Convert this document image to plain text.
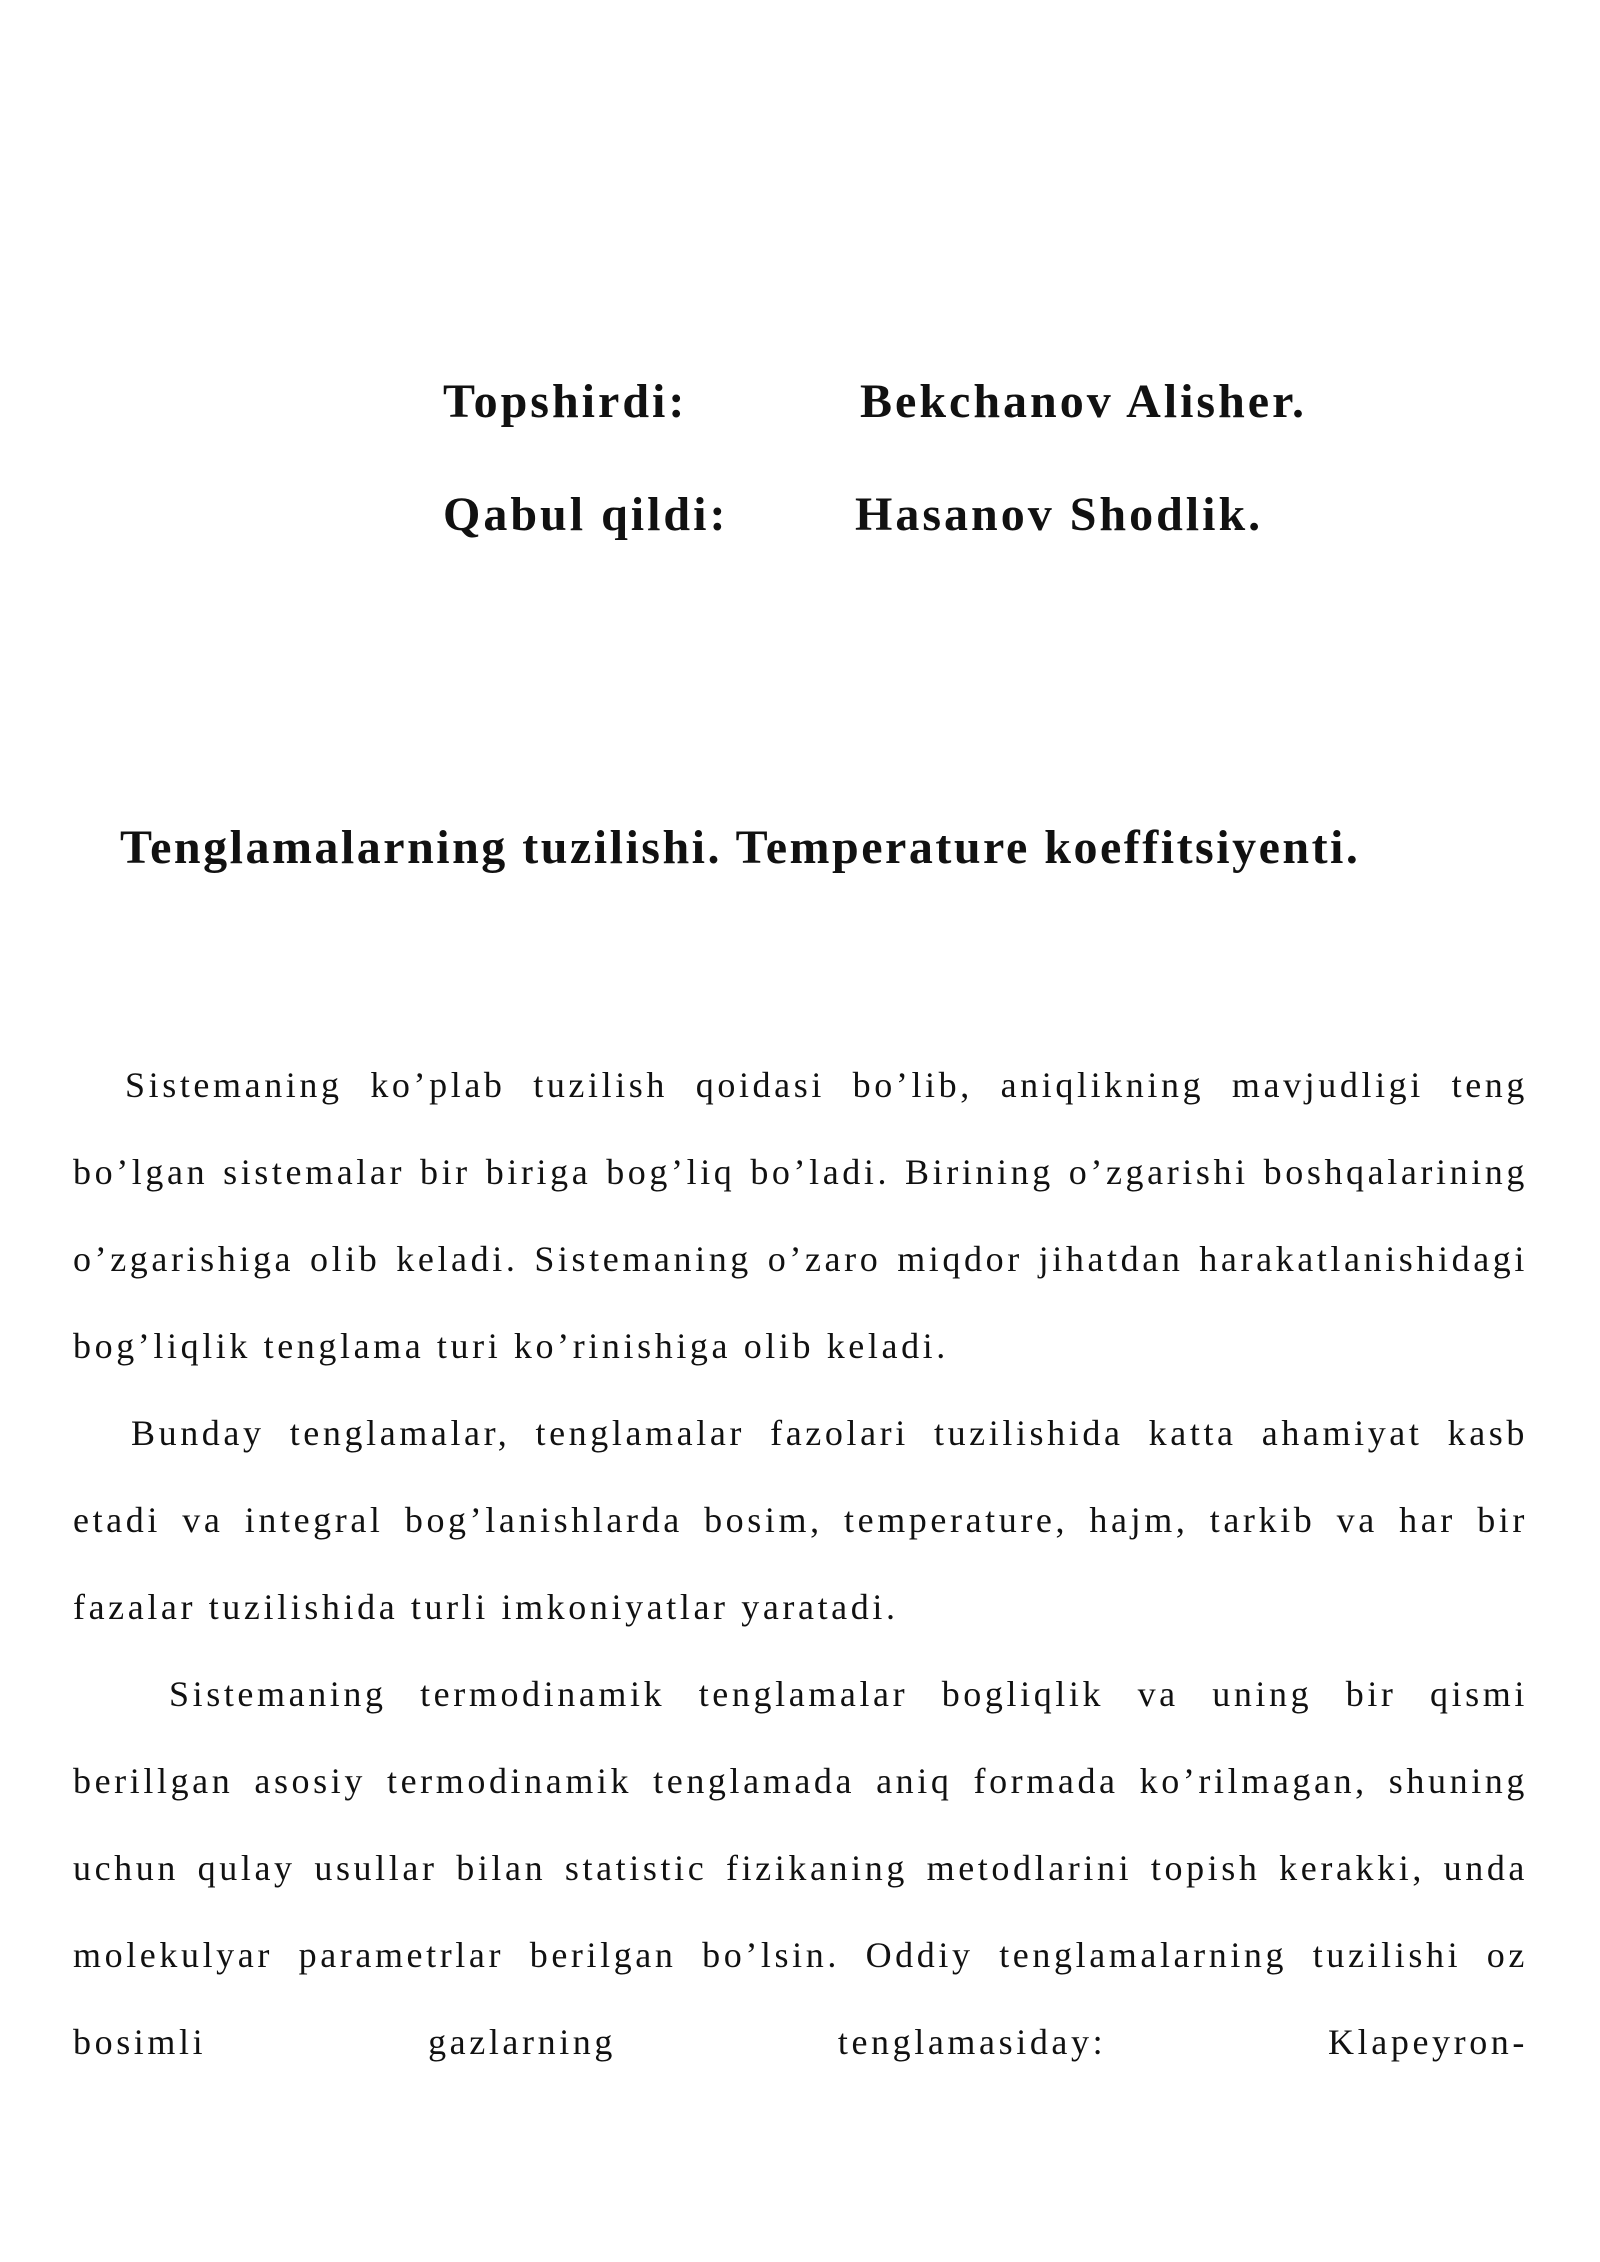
Topshirdi:	Bekchanov Alisher.
Qabul qildi:	Hasanov Shodlik.
Tenglamalarning tuzilishi. Temperature koeffitsiyenti.

Sistemaning ko’plab tuzilish qoidasi bo’lib, aniqlikning mavjudligi teng bo’lgan sistemalar bir biriga bog’liq bo’ladi. Birining o’zgarishi boshqalarining o’zgarishiga olib keladi. Sistemaning o’zaro miqdor jihatdan harakatlanishidagi bog’liqlik tenglama turi ko’rinishiga olib keladi.

Bunday tenglamalar, tenglamalar fazolari tuzilishida katta ahamiyat kasb etadi va integral bog’lanishlarda bosim, temperature, hajm, tarkib va har bir fazalar tuzilishida turli imkoniyatlar yaratadi.

Sistemaning termodinamik tenglamalar bogliqlik va uning bir qismi berillgan asosiy termodinamik tenglamada aniq formada ko’rilmagan, shuning uchun qulay usullar bilan statistic fizikaning metodlarini topish kerakki, unda molekulyar parametrlar berilgan bo’lsin. Oddiy tenglamalarning tuzilishi oz bosimli gazlarning tenglamasiday: Klapeyron-
